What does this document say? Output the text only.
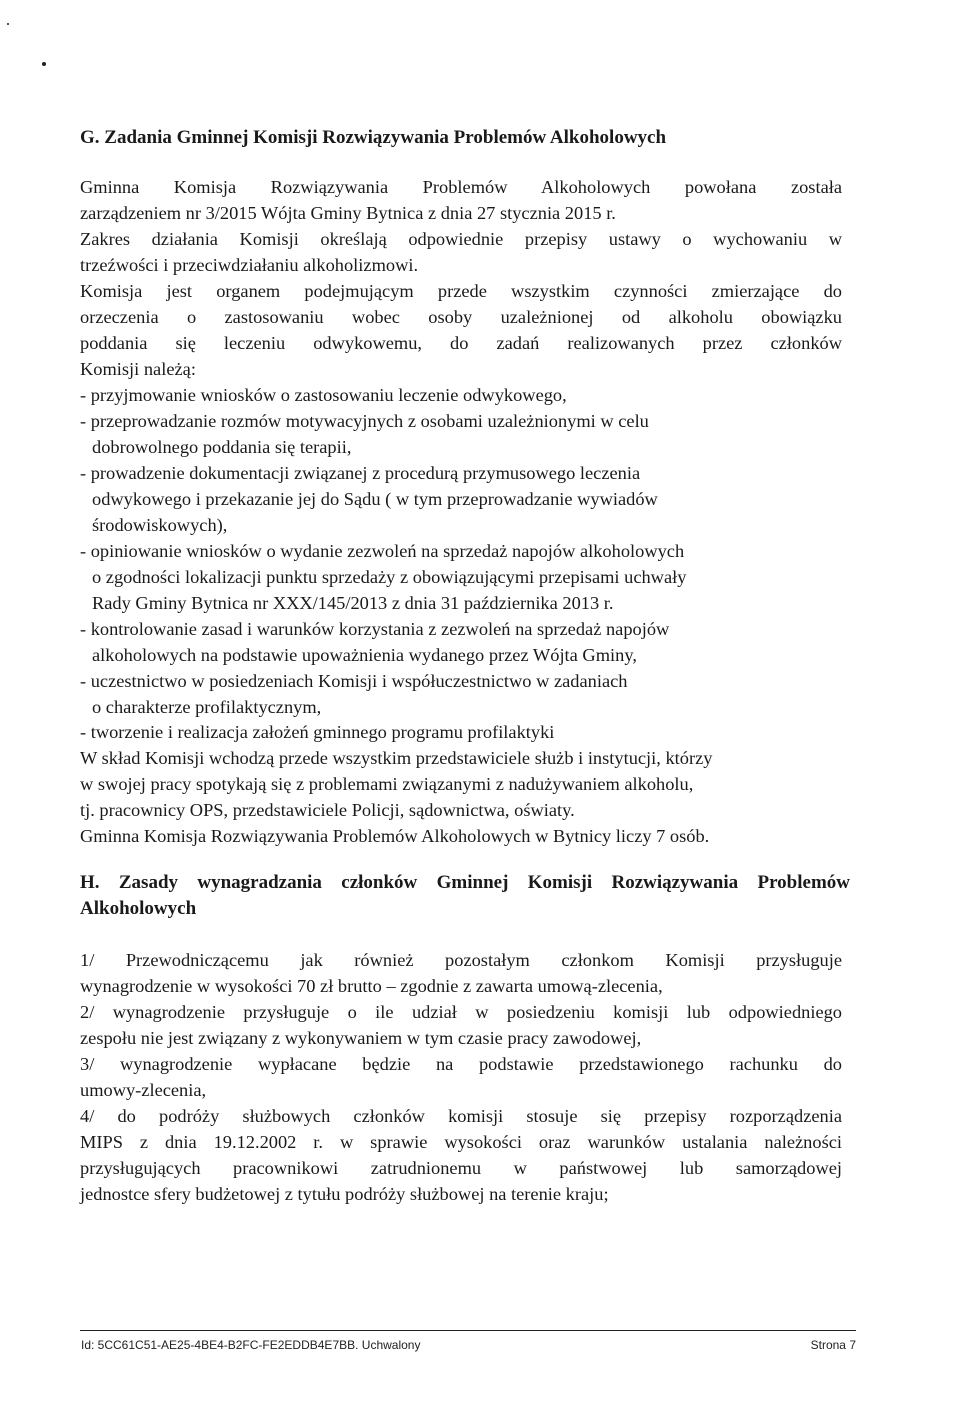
G. Zadania Gminnej Komisji Rozwiązywania Problemów Alkoholowych

Gminna Komisja Rozwiązywania Problemów Alkoholowych powołana została

zarządzeniem nr 3/2015 Wójta Gminy Bytnica z dnia 27 stycznia 2015 r.

Zakres działania Komisji określają odpowiednie przepisy ustawy o wychowaniu w

trzeźwości i przeciwdziałaniu alkoholizmowi.

Komisja jest organem podejmującym przede wszystkim czynności zmierzające do

orzeczenia o zastosowaniu wobec osoby uzależnionej od alkoholu obowiązku

poddania się leczeniu odwykowemu, do zadań realizowanych przez członków

Komisji należą:

- przyjmowanie wniosków o zastosowaniu leczenie odwykowego,

- przeprowadzanie rozmów motywacyjnych z osobami uzależnionymi w celu

dobrowolnego poddania się terapii,

- prowadzenie dokumentacji związanej z procedurą przymusowego leczenia

odwykowego i przekazanie jej do Sądu ( w tym przeprowadzanie wywiadów

środowiskowych),

- opiniowanie wniosków o wydanie zezwoleń na sprzedaż napojów alkoholowych

o zgodności lokalizacji punktu sprzedaży z obowiązującymi przepisami uchwały

Rady Gminy Bytnica nr XXX/145/2013 z dnia 31 października 2013 r.

- kontrolowanie zasad i warunków korzystania z zezwoleń na sprzedaż napojów

alkoholowych na podstawie upoważnienia wydanego przez Wójta Gminy,

- uczestnictwo w posiedzeniach Komisji i współuczestnictwo w zadaniach

o charakterze profilaktycznym,

- tworzenie i realizacja założeń gminnego programu profilaktyki

W skład Komisji wchodzą przede wszystkim przedstawiciele służb i instytucji, którzy

w swojej pracy spotykają się z problemami związanymi z nadużywaniem alkoholu,

tj. pracownicy OPS, przedstawiciele Policji, sądownictwa, oświaty.

Gminna Komisja Rozwiązywania Problemów Alkoholowych w Bytnicy liczy 7 osób.

H. Zasady wynagradzania członków Gminnej Komisji Rozwiązywania Problemów Alkoholowych

1/ Przewodniczącemu jak również pozostałym członkom Komisji przysługuje

wynagrodzenie w wysokości 70 zł brutto – zgodnie z zawarta umową-zlecenia,

2/ wynagrodzenie przysługuje o ile udział w posiedzeniu komisji lub odpowiedniego

zespołu nie jest związany z wykonywaniem w tym czasie pracy zawodowej,

3/ wynagrodzenie wypłacane będzie na podstawie przedstawionego rachunku do

umowy-zlecenia,

4/ do podróży służbowych członków komisji stosuje się przepisy rozporządzenia

MIPS z dnia 19.12.2002 r. w sprawie wysokości oraz warunków ustalania należności

przysługujących pracownikowi zatrudnionemu w państwowej lub samorządowej

jednostce sfery budżetowej z tytułu podróży służbowej na terenie kraju;

Id: 5CC61C51-AE25-4BE4-B2FC-FE2EDDB4E7BB. Uchwalony	Strona 7
